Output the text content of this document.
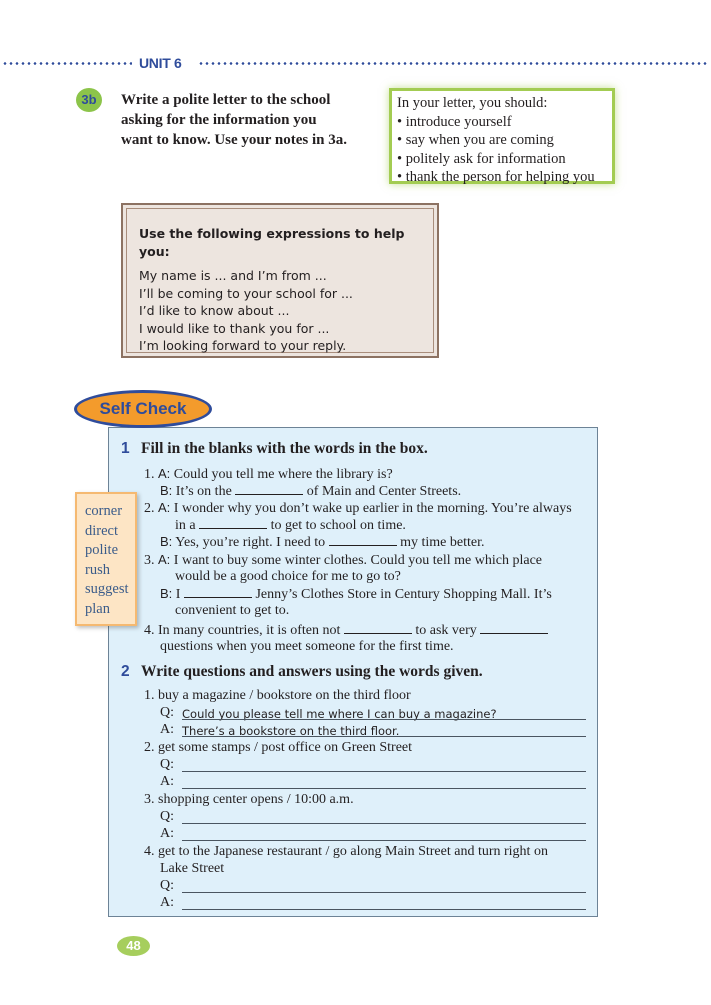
UNIT 6
3b	Write a polite letter to the school
asking for the information you
want to know. Use your notes in 3a.
In your letter, you should:
• introduce yourself
• say when you are coming
• politely ask for information
• thank the person for helping you
Use the following expressions to help you:
My name is ... and I’m from ...
I’ll be coming to your school for ...
I’d like to know about ...
I would like to thank you for ...
I’m looking forward to your reply.
Self Check
1 Fill in the blanks with the words in the box.
1. A: Could you tell me where the library is?
B: It’s on the	of Main and Center Streets.
2. A: I wonder why you don’t wake up earlier in the morning. You’re always
in a	to get to school on time.
B: Yes, you’re right. I need to	my time better.
3. A: I want to buy some winter clothes. Could you tell me which place
would be a good choice for me to go to?
B: I	Jenny’s Clothes Store in Century Shopping Mall. It’s
convenient to get to.
4. In many countries, it is often not	to ask very
questions when you meet someone for the first time.
corner
direct
polite
rush
suggest
plan
2 Write questions and answers using the words given.
1. buy a magazine / bookstore on the third floor
Q: Could you please tell me where I can buy a magazine?
A: There’s a bookstore on the third floor.
2. get some stamps / post office on Green Street
Q:
A:
3. shopping center opens / 10:00 a.m.
Q:
A:
4. get to the Japanese restaurant / go along Main Street and turn right on
Lake Street
Q:
A:
48
